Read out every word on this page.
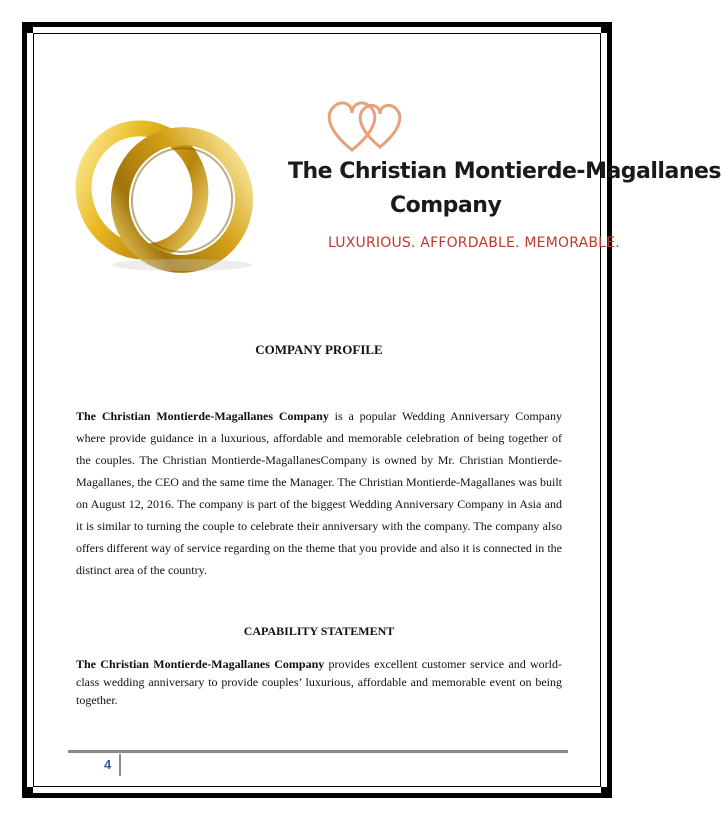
The Christian Montierde-Magallanes
Company
LUXURIOUS. AFFORDABLE. MEMORABLE.
COMPANY PROFILE
The Christian Montierde-Magallanes Company is a popular Wedding Anniversary Company where provide guidance in a luxurious, affordable and memorable celebration of being together of the couples. The Christian Montierde-MagallanesCompany is owned by Mr. Christian Montierde-Magallanes, the CEO and the same time the Manager. The Christian Montierde-Magallanes was built on August 12, 2016. The company is part of the biggest Wedding Anniversary Company in Asia and it is similar to turning the couple to celebrate their anniversary with the company. The company also offers different way of service regarding on the theme that you provide and also it is connected in the distinct area of the country.
CAPABILITY STATEMENT
The Christian Montierde-Magallanes Company provides excellent customer service and world-class wedding anniversary to provide couples’ luxurious, affordable and memorable event on being together.
4
